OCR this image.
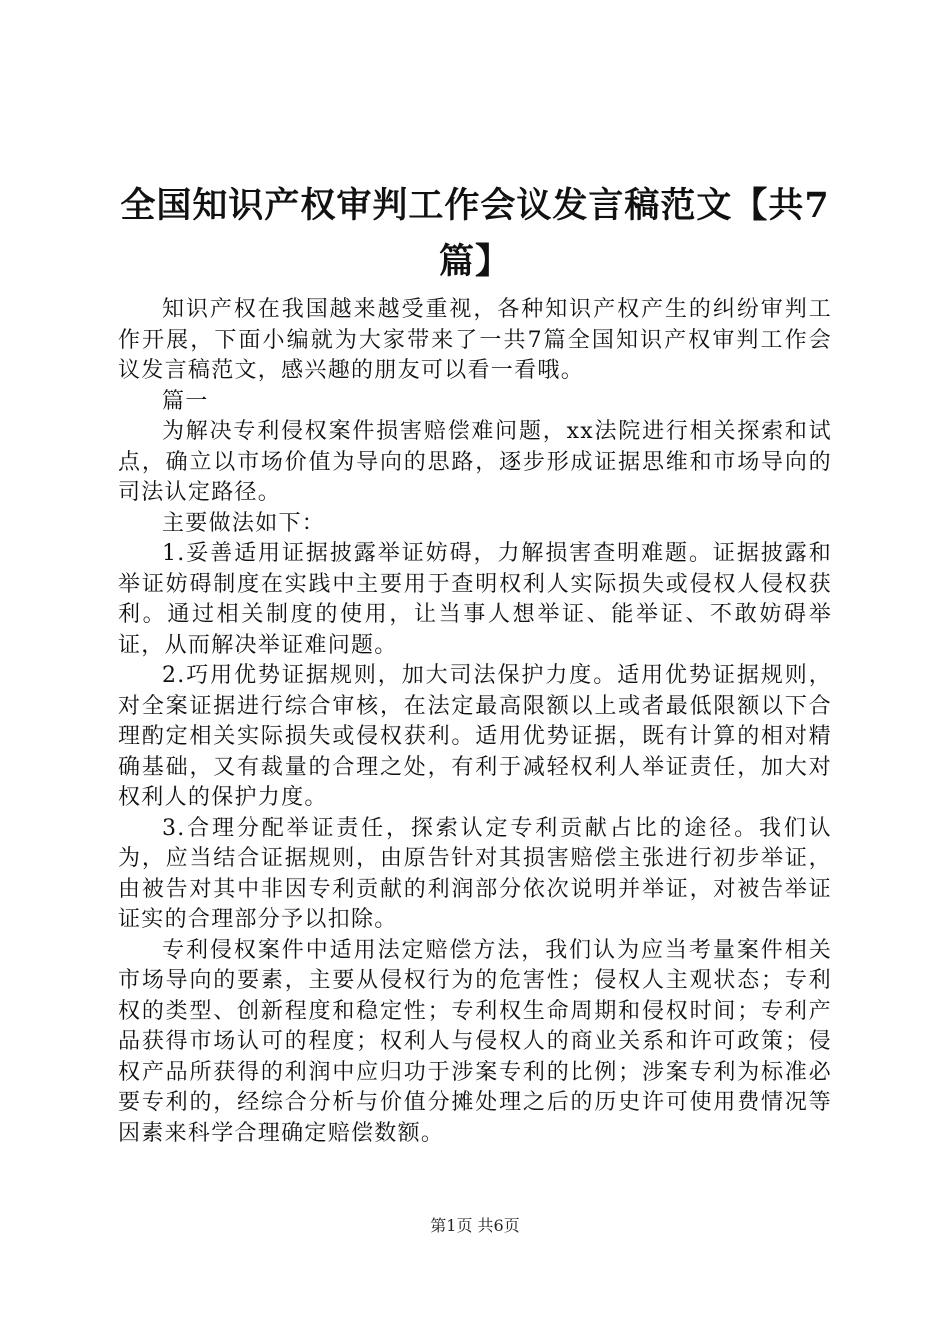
全国知识产权审判工作会议发言稿范文【共7篇】

知识产权在我国越来越受重视，各种知识产权产生的纠纷审判工作开展，下面小编就为大家带来了一共7篇全国知识产权审判工作会议发言稿范文，感兴趣的朋友可以看一看哦。

篇一

为解决专利侵权案件损害赔偿难问题，xx法院进行相关探索和试点，确立以市场价值为导向的思路，逐步形成证据思维和市场导向的司法认定路径。

主要做法如下：

1.妥善适用证据披露举证妨碍，力解损害查明难题。证据披露和举证妨碍制度在实践中主要用于查明权利人实际损失或侵权人侵权获利。通过相关制度的使用，让当事人想举证、能举证、不敢妨碍举证，从而解决举证难问题。

2.巧用优势证据规则，加大司法保护力度。适用优势证据规则，对全案证据进行综合审核，在法定最高限额以上或者最低限额以下合理酌定相关实际损失或侵权获利。适用优势证据，既有计算的相对精确基础，又有裁量的合理之处，有利于减轻权利人举证责任，加大对权利人的保护力度。

3.合理分配举证责任，探索认定专利贡献占比的途径。我们认为，应当结合证据规则，由原告针对其损害赔偿主张进行初步举证，由被告对其中非因专利贡献的利润部分依次说明并举证，对被告举证证实的合理部分予以扣除。

专利侵权案件中适用法定赔偿方法，我们认为应当考量案件相关市场导向的要素，主要从侵权行为的危害性；侵权人主观状态；专利权的类型、创新程度和稳定性；专利权生命周期和侵权时间；专利产品获得市场认可的程度；权利人与侵权人的商业关系和许可政策；侵权产品所获得的利润中应归功于涉案专利的比例；涉案专利为标准必要专利的，经综合分析与价值分摊处理之后的历史许可使用费情况等因素来科学合理确定赔偿数额。

第1页 共6页
